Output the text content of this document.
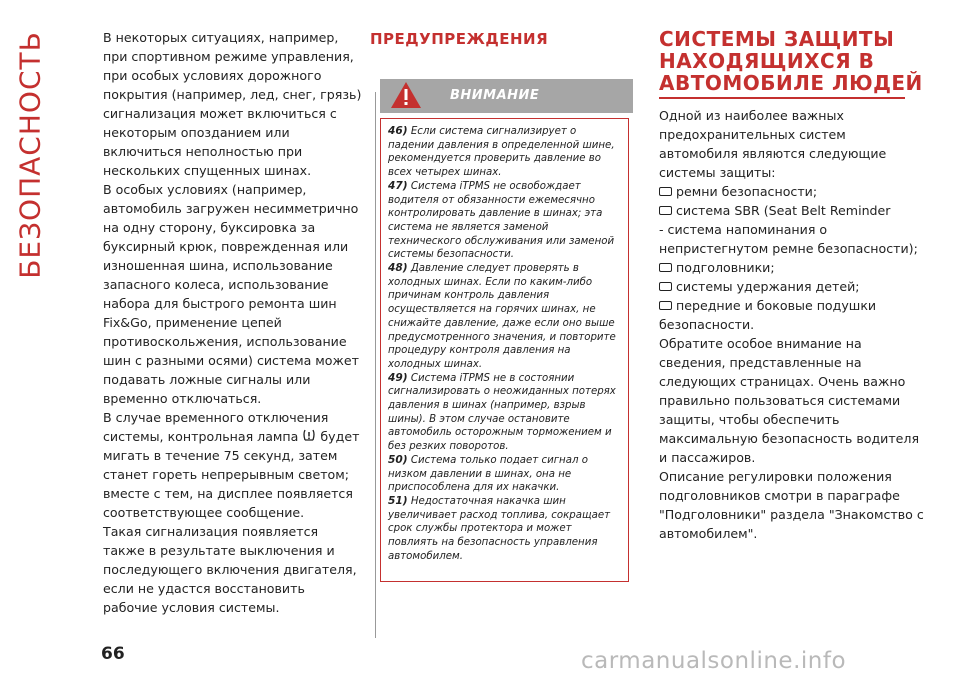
БЕЗОПАСНОСТЬ	В некоторых ситуациях, например, при спортивном режиме управления, при особых условиях дорожного покрытия (например, лед, снег, грязь) сигнализация может включиться с некоторым опозданием или включиться неполностью при нескольких спущенных шинах.

В особых условиях (например, автомобиль загружен несимметрично на одну сторону, буксировка за буксирный крюк, поврежденная или изношенная шина, использование запасного колеса, использование набора для быстрого ремонта шин Fix&Go, применение цепей противоскольжения, использование шин с разными осями) система может подавать ложные сигналы или временно отключаться.

В случае временного отключения системы, контрольная лампа будет мигать в течение 75 секунд, затем станет гореть непрерывным светом; вместе с тем, на дисплее появляется соответствующее сообщение.

Такая сигнализация появляется также в результате выключения и последующего включения двигателя, если не удастся восстановить рабочие условия системы.

ПРЕДУПРЕЖДЕНИЯ
ВНИМАНИЕ

46) Если система сигнализирует о падении давления в определенной шине, рекомендуется проверить давление во всех четырех шинах.

47) Система iTPMS не освобождает водителя от обязанности ежемесячно контролировать давление в шинах; эта система не является заменой технического обслуживания или заменой системы безопасности.

48) Давление следует проверять в холодных шинах. Если по каким-либо причинам контроль давления осуществляется на горячих шинах, не снижайте давление, даже если оно выше предусмотренного значения, и повторите процедуру контроля давления на холодных шинах.

49) Система iTPMS не в состоянии сигнализировать о неожиданных потерях давления в шинах (например, взрыв шины). В этом случае остановите автомобиль осторожным торможением и без резких поворотов.

50) Система только подает сигнал о низком давлении в шинах, она не приспособлена для их накачки.

51) Недостаточная накачка шин увеличивает расход топлива, сокращает срок службы протектора и может повлиять на безопасность управления автомобилем.

СИСТЕМЫ ЗАЩИТЫ НАХОДЯЩИХСЯ В АВТОМОБИЛЕ ЛЮДЕЙ

Одной из наиболее важных предохранительных систем автомобиля являются следующие системы защиты:

ремни безопасности;

система SBR (Seat Belt Reminder

- система напоминания о непристегнутом ремне безопасности);

подголовники;

системы удержания детей;

передние и боковые подушки безопасности.

Обратите особое внимание на сведения, представленные на следующих страницах. Очень важно правильно пользоваться системами защиты, чтобы обеспечить максимальную безопасность водителя и пассажиров.

Описание регулировки положения подголовников смотри в параграфе "Подголовники" раздела "Знакомство с автомобилем".

66	carmanualsonline.info
